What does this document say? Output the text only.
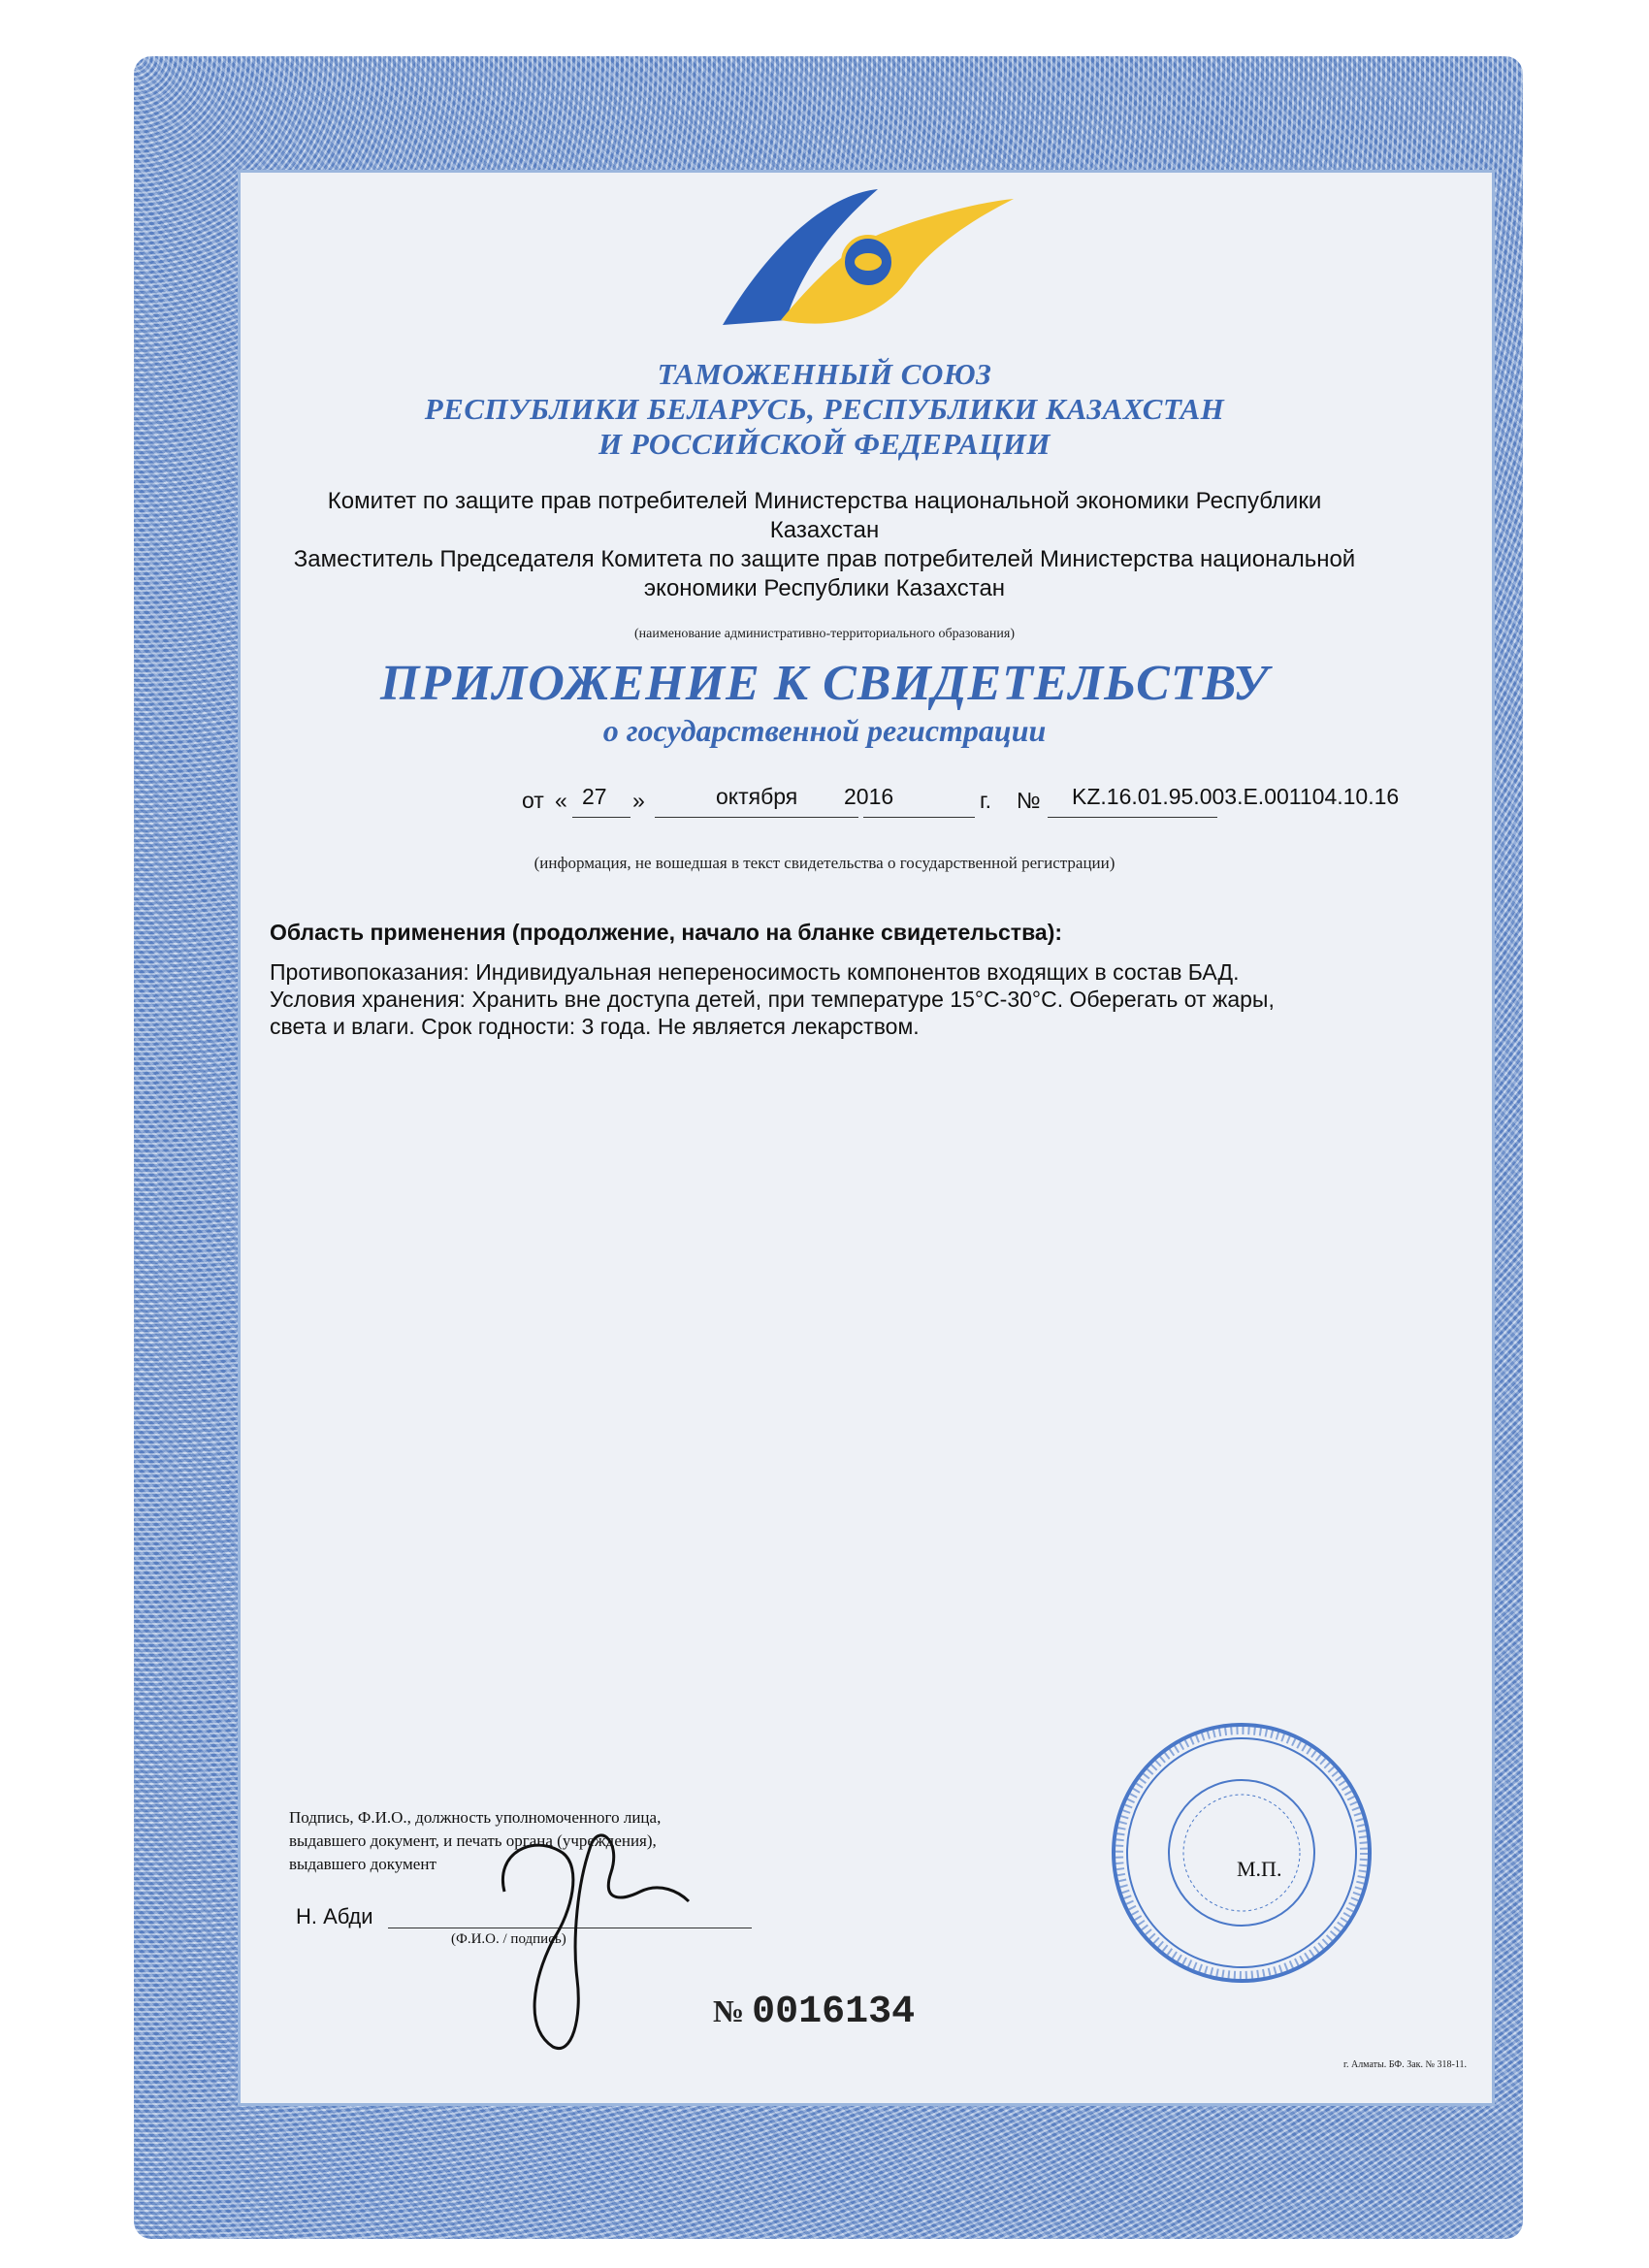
ТАМОЖЕННЫЙ СОЮЗ
РЕСПУБЛИКИ БЕЛАРУСЬ, РЕСПУБЛИКИ КАЗАХСТАН
И РОССИЙСКОЙ ФЕДЕРАЦИИ
Комитет по защите прав потребителей Министерства национальной экономики Республики
Казахстан
Заместитель Председателя Комитета по защите прав потребителей Министерства национальной
экономики Республики Казахстан
(наименование административно-территориального образования)
ПРИЛОЖЕНИЕ К СВИДЕТЕЛЬСТВУ
о государственной регистрации
от « 27 »	октября 2016	г. № KZ.16.01.95.003.E.001104.10.16
(информация, не вошедшая в текст свидетельства о государственной регистрации)
Область применения (продолжение, начало на бланке свидетельства):
Противопоказания: Индивидуальная непереносимость компонентов входящих в состав БАД.
Условия хранения: Хранить вне доступа детей, при температуре 15°С-30°С. Оберегать от жары,
света и влаги. Срок годности: 3 года. Не является лекарством.
Подпись, Ф.И.О., должность уполномоченного лица,
выдавшего документ, и печать органа (учреждения),
выдавшего документ
Н. Абди
(Ф.И.О. / подпись)
М.П.
№ 0016134
г. Алматы. БФ. Зак. № 318-11.
